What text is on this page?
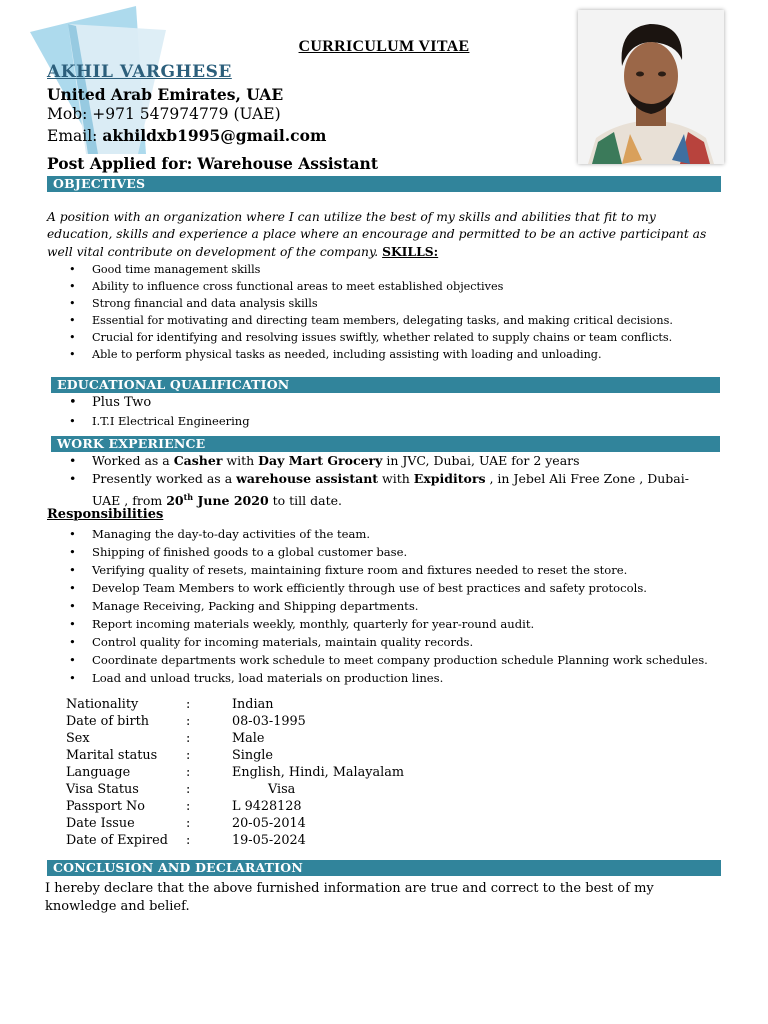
CURRICULUM VITAE
AKHIL VARGHESE
United Arab Emirates, UAE
Mob: +971 547974779 (UAE)
Email: akhildxb1995@gmail.com
Post Applied for: Warehouse Assistant
OBJECTIVES
A position with an organization where I can utilize the best of my skills and abilities that fit to my education, skills and experience a place where an encourage and permitted to be an active participant as well vital contribute on development of the company. SKILLS:
• Good time management skills
• Ability to influence cross functional areas to meet established objectives
• Strong financial and data analysis skills
• Essential for motivating and directing team members, delegating tasks, and making critical decisions.
• Crucial for identifying and resolving issues swiftly, whether related to supply chains or team conflicts.
• Able to perform physical tasks as needed, including assisting with loading and unloading.
EDUCATIONAL QUALIFICATION
• Plus Two
• I.T.I Electrical Engineering
WORK EXPERIENCE
• Worked as a Casher with Day Mart Grocery in JVC, Dubai, UAE for 2 years
• Presently worked as a warehouse assistant with Expiditors , in Jebel Ali Free Zone , Dubai- UAE , from 20th June 2020 to till date.
Responsibilities
• Managing the day-to-day activities of the team.
• Shipping of finished goods to a global customer base.
• Verifying quality of resets, maintaining fixture room and fixtures needed to reset the store.
• Develop Team Members to work efficiently through use of best practices and safety protocols.
• Manage Receiving, Packing and Shipping departments.
• Report incoming materials weekly, monthly, quarterly for year-round audit.
• Control quality for incoming materials, maintain quality records.
• Coordinate departments work schedule to meet company production schedule Planning work schedules.
• Load and unload trucks, load materials on production lines.
Nationality	:	Indian
Date of birth	:	08-03-1995
Sex	:	Male
Marital status	:	Single
Language	:	English, Hindi, Malayalam
Visa Status	:	Visa
Passport No	:	L 9428128
Date Issue	:	20-05-2014
Date of Expired	:	19-05-2024
CONCLUSION AND DECLARATION
I hereby declare that the above furnished information are true and correct to the best of my knowledge and belief.
